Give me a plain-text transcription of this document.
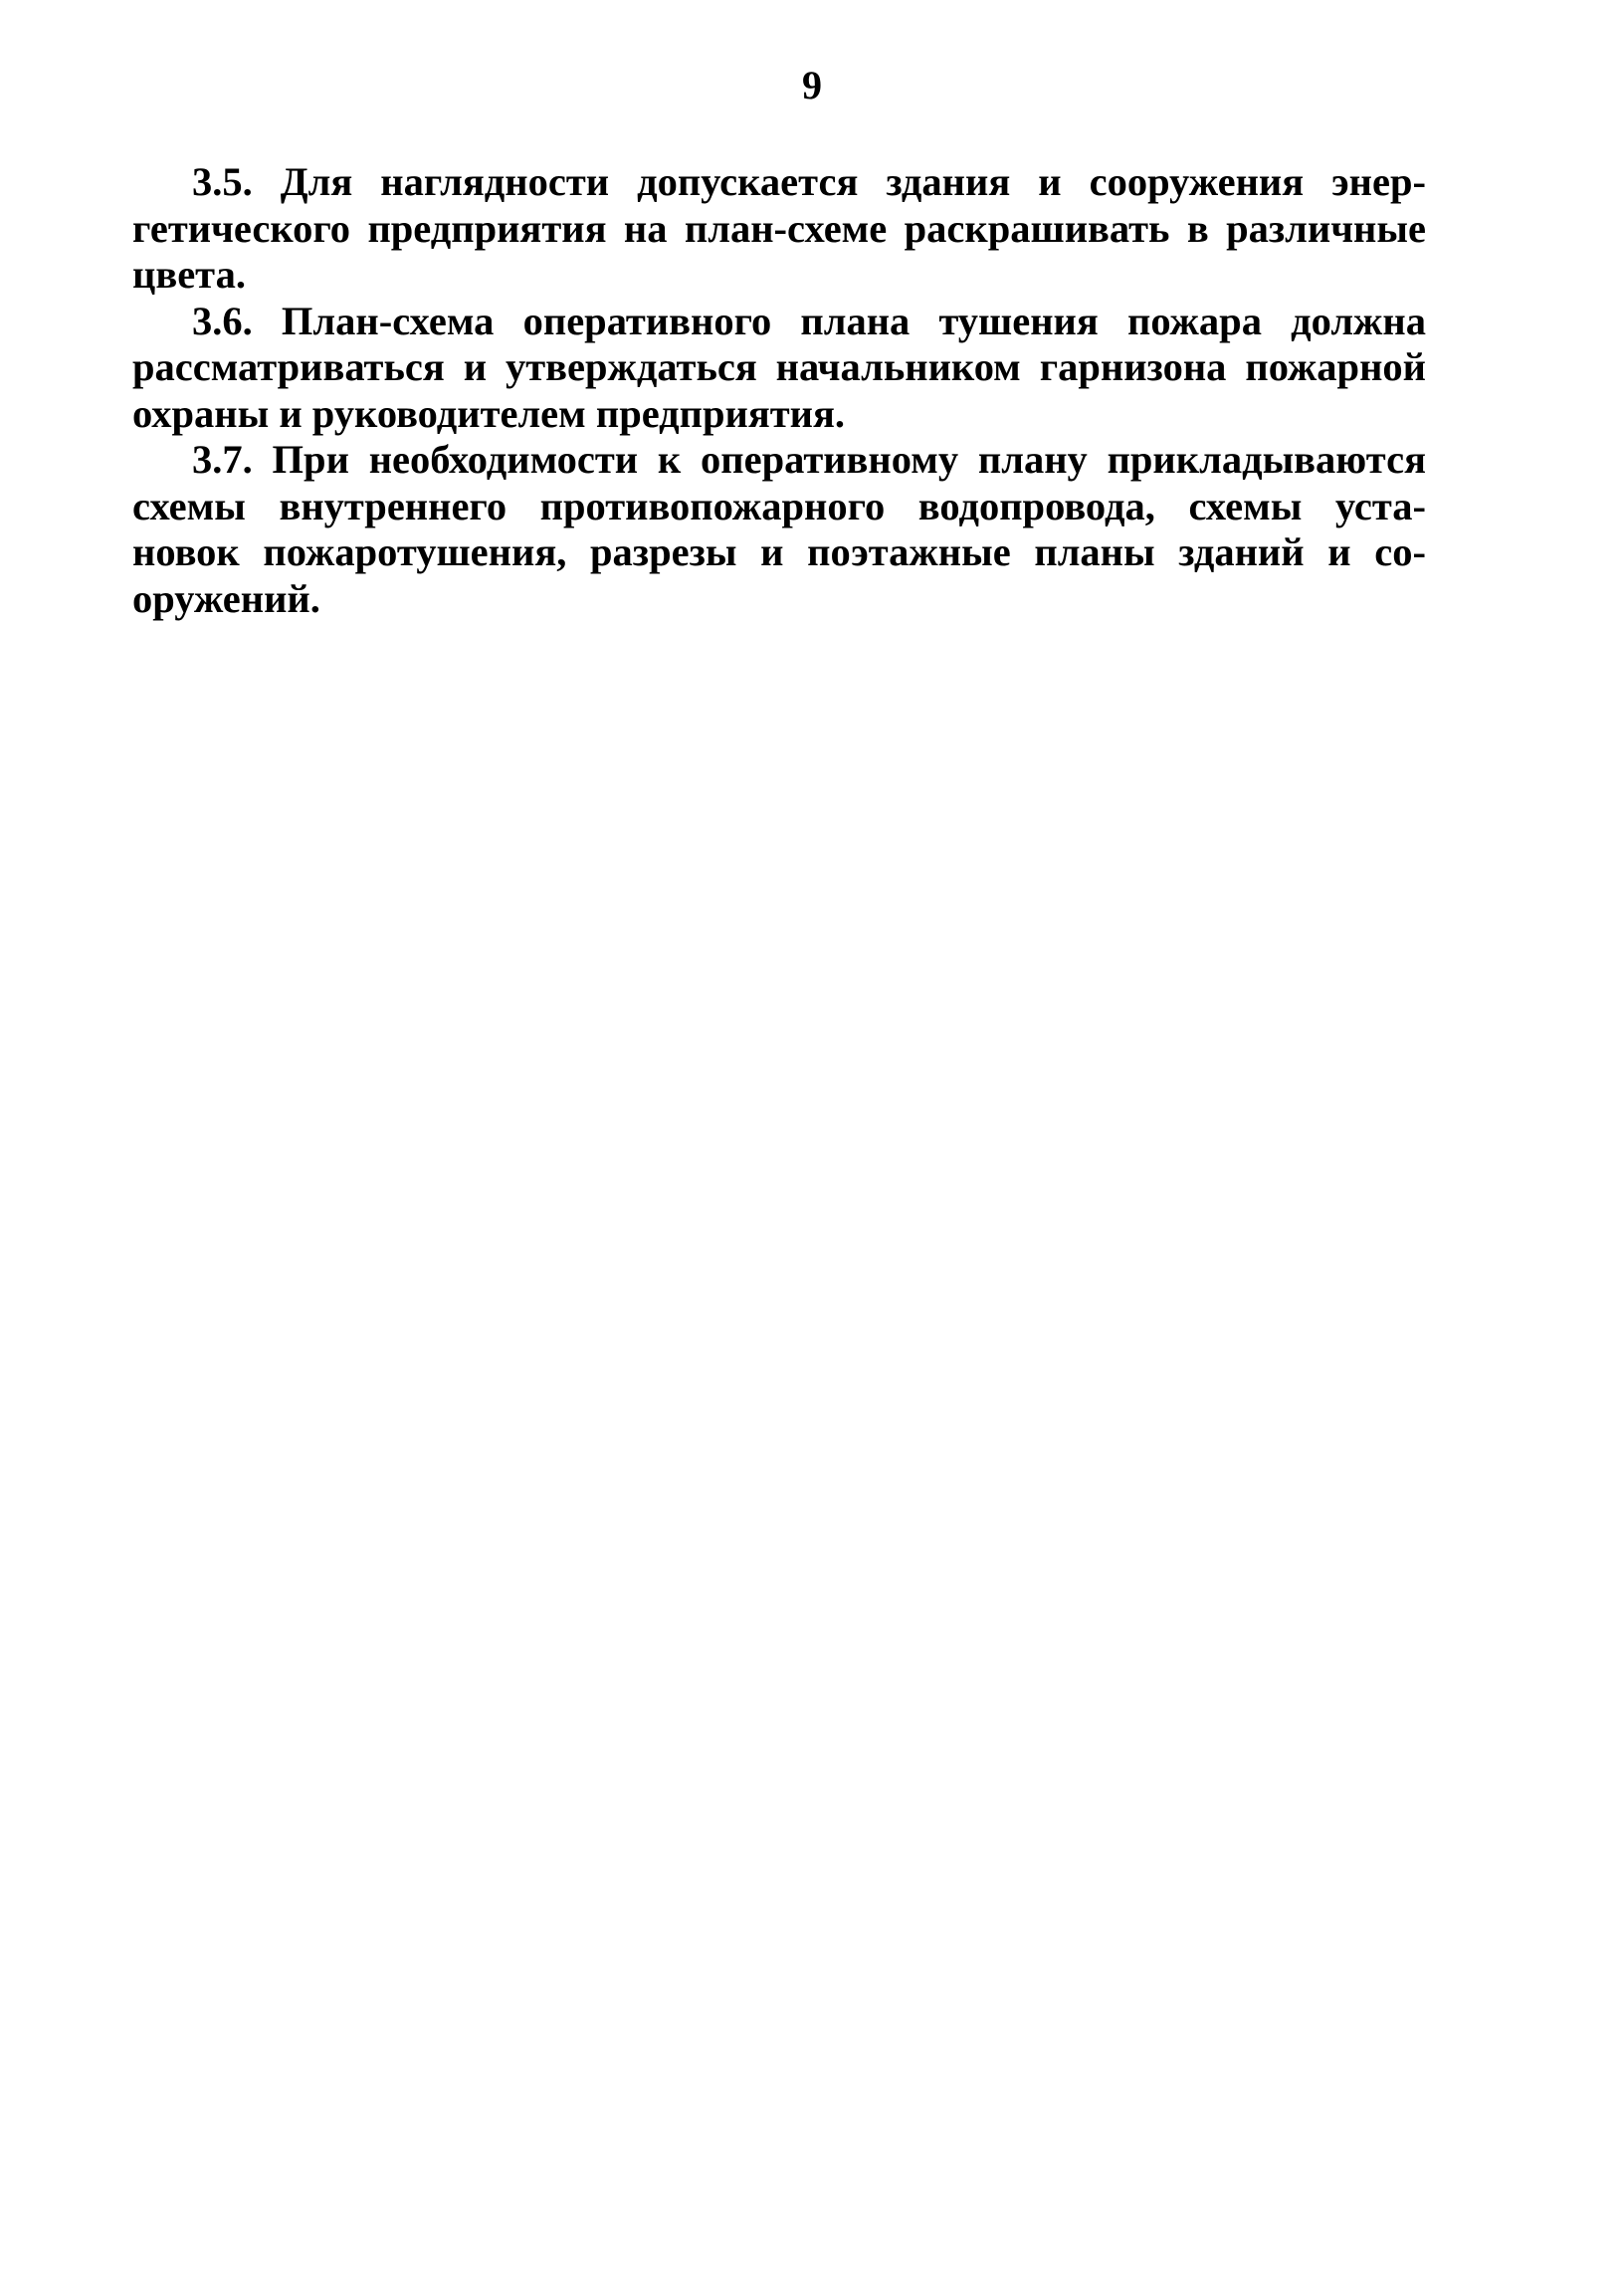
9
3.5. Для наглядности допускается здания и сооружения энер-
гетического предприятия на план-схеме раскрашивать в различные
цвета.
3.6. План-схема оперативного плана тушения пожара должна
рассматриваться и утверждаться начальником гарнизона пожарной
охраны и руководителем предприятия.
3.7. При необходимости к оперативному плану прикладываются
схемы внутреннего противопожарного водопровода, схемы уста-
новок пожаротушения, разрезы и поэтажные планы зданий и со-
оружений.
